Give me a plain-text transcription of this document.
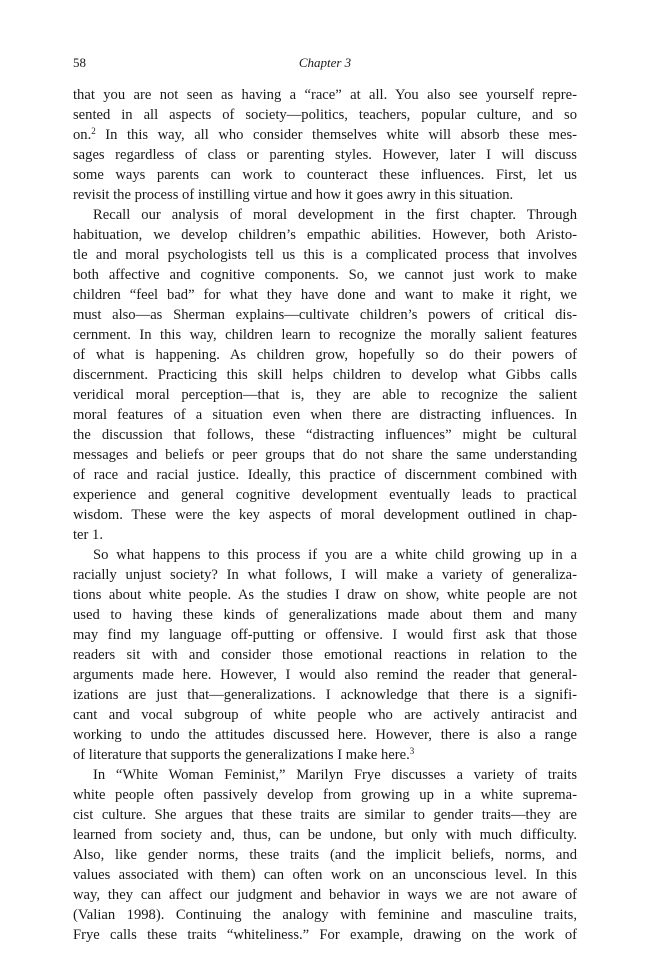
58	Chapter 3
that you are not seen as having a “race” at all. You also see yourself repre-
sented in all aspects of society—politics, teachers, popular culture, and so
on.$^2$ In this way, all who consider themselves white will absorb these mes-
sages regardless of class or parenting styles. However, later I will discuss
some ways parents can work to counteract these influences. First, let us
revisit the process of instilling virtue and how it goes awry in this situation.
Recall our analysis of moral development in the first chapter. Through
habituation, we develop children’s empathic abilities. However, both Aristo-
tle and moral psychologists tell us this is a complicated process that involves
both affective and cognitive components. So, we cannot just work to make
children “feel bad” for what they have done and want to make it right, we
must also—as Sherman explains—cultivate children’s powers of critical dis-
cernment. In this way, children learn to recognize the morally salient features
of what is happening. As children grow, hopefully so do their powers of
discernment. Practicing this skill helps children to develop what Gibbs calls
veridical moral perception—that is, they are able to recognize the salient
moral features of a situation even when there are distracting influences. In
the discussion that follows, these “distracting influences” might be cultural
messages and beliefs or peer groups that do not share the same understanding
of race and racial justice. Ideally, this practice of discernment combined with
experience and general cognitive development eventually leads to practical
wisdom. These were the key aspects of moral development outlined in chap-
ter 1.
So what happens to this process if you are a white child growing up in a
racially unjust society? In what follows, I will make a variety of generaliza-
tions about white people. As the studies I draw on show, white people are not
used to having these kinds of generalizations made about them and many
may find my language off-putting or offensive. I would first ask that those
readers sit with and consider those emotional reactions in relation to the
arguments made here. However, I would also remind the reader that general-
izations are just that—generalizations. I acknowledge that there is a signifi-
cant and vocal subgroup of white people who are actively antiracist and
working to undo the attitudes discussed here. However, there is also a range
of literature that supports the generalizations I make here.$^3$
In “White Woman Feminist,” Marilyn Frye discusses a variety of traits
white people often passively develop from growing up in a white suprema-
cist culture. She argues that these traits are similar to gender traits—they are
learned from society and, thus, can be undone, but only with much difficulty.
Also, like gender norms, these traits (and the implicit beliefs, norms, and
values associated with them) can often work on an unconscious level. In this
way, they can affect our judgment and behavior in ways we are not aware of
(Valian 1998). Continuing the analogy with feminine and masculine traits,
Frye calls these traits “whiteliness.” For example, drawing on the work of
